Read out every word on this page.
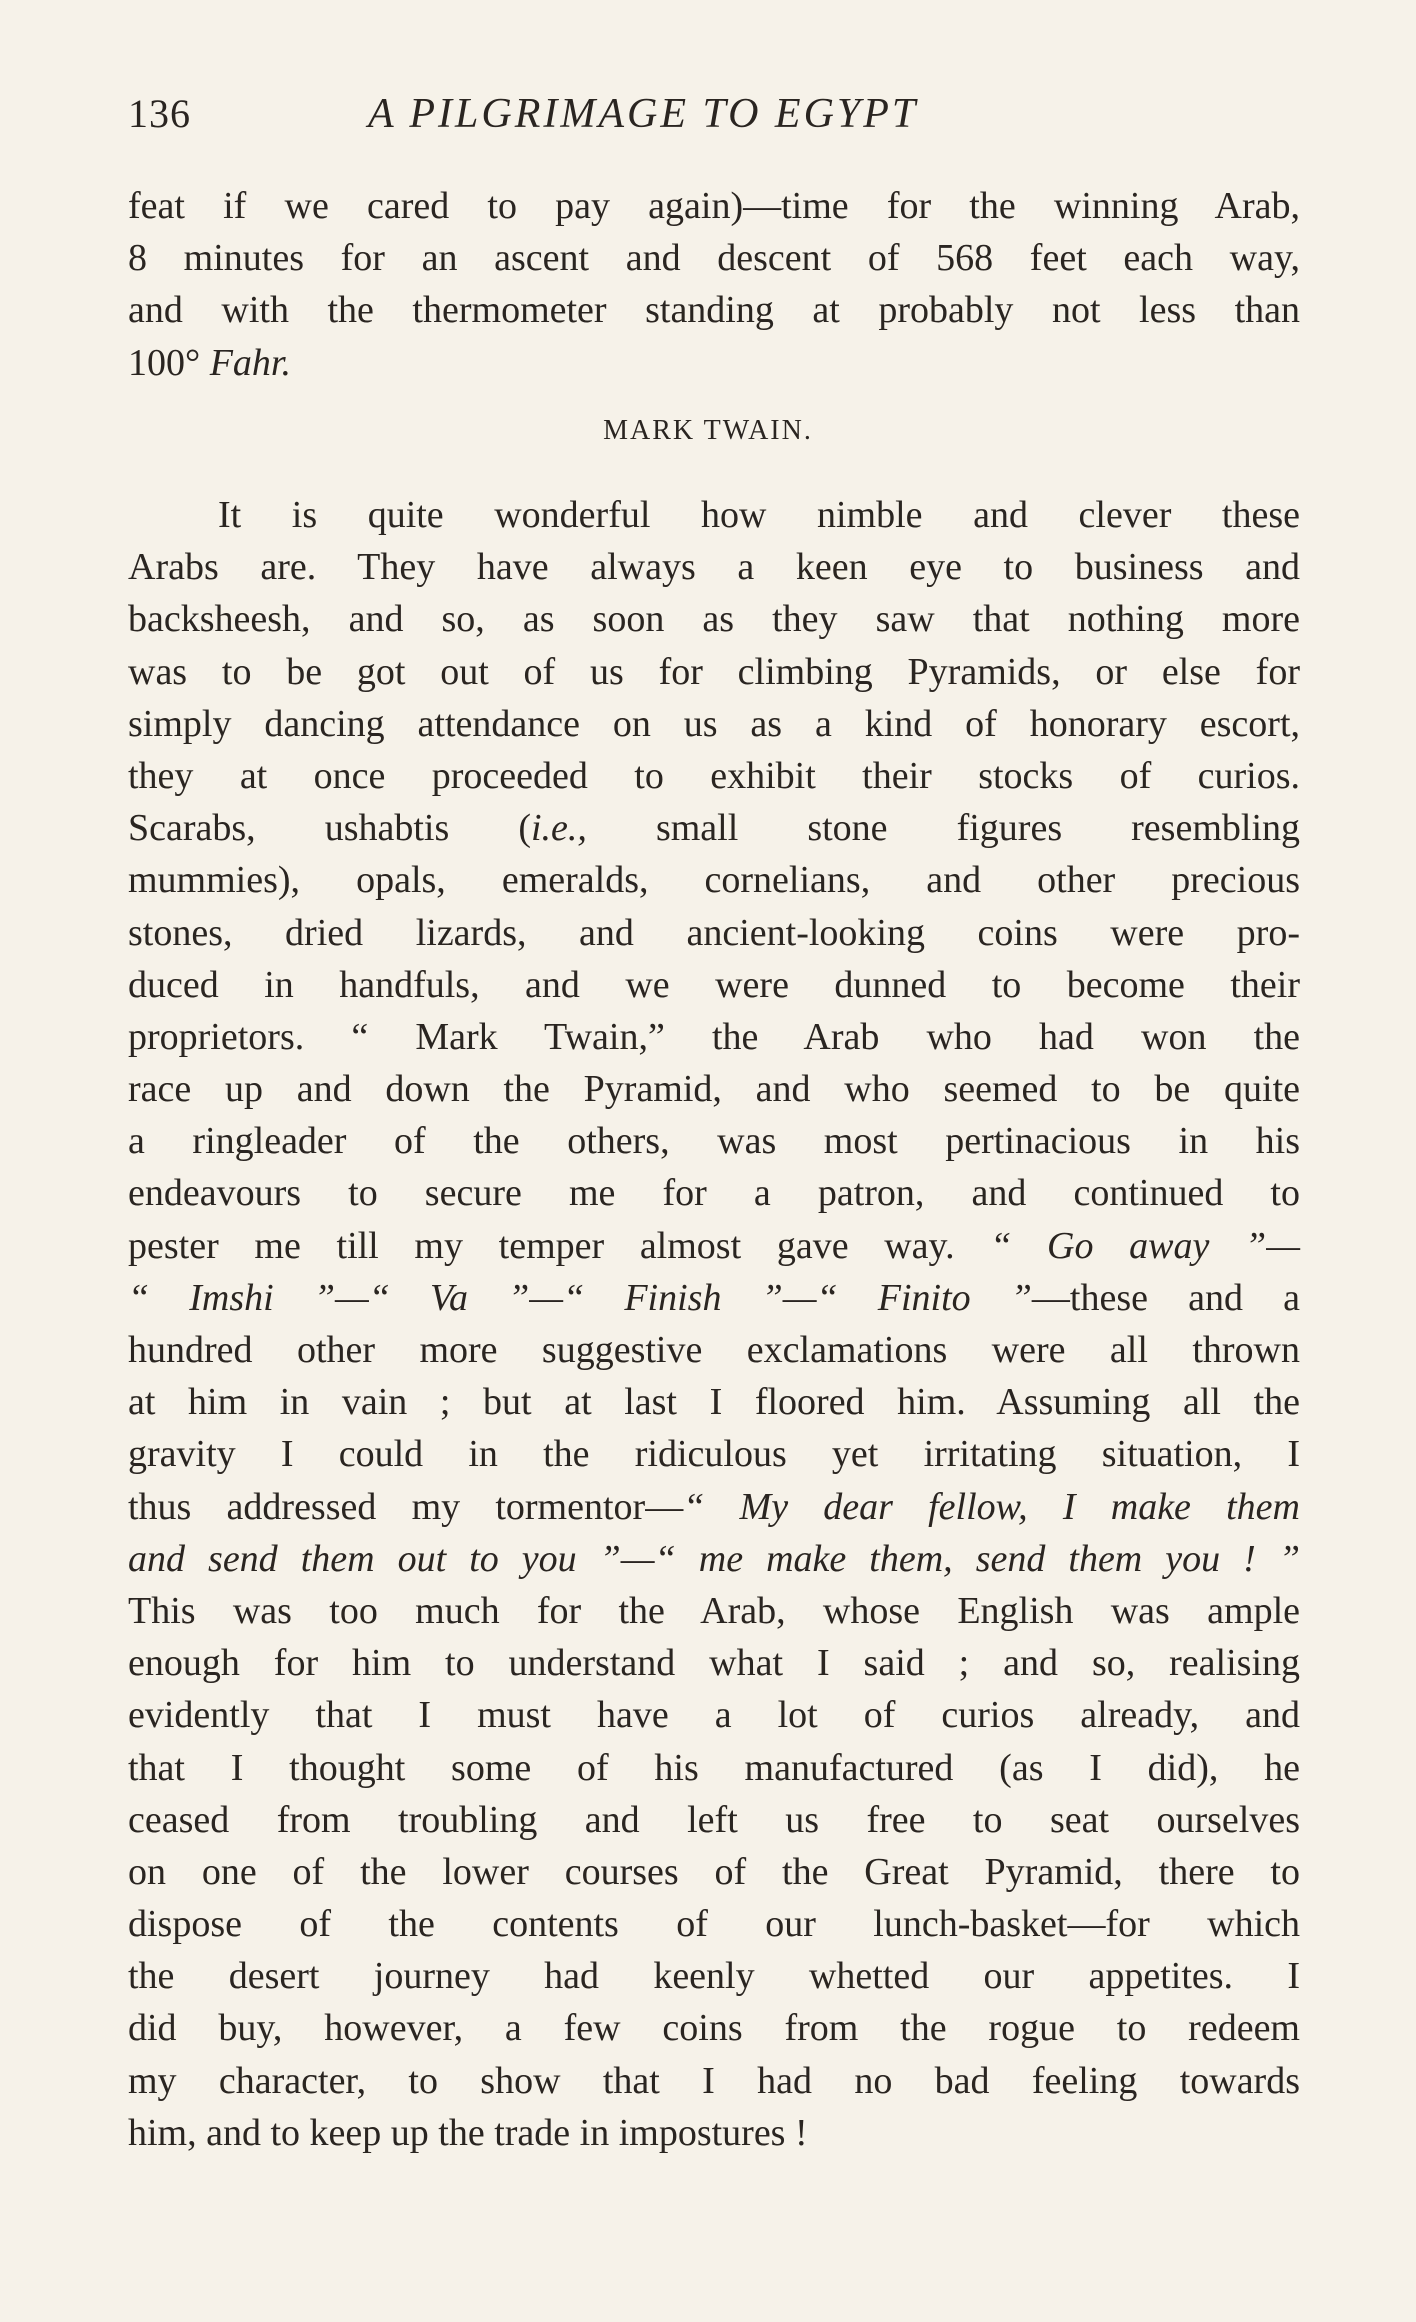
136	A PILGRIMAGE TO EGYPT
feat if we cared to pay again)—time for the winning Arab,
8 minutes for an ascent and descent of 568 feet each way,
and with the thermometer standing at probably not less than
100° Fahr.
MARK TWAIN.
It is quite wonderful how nimble and clever these
Arabs are. They have always a keen eye to business and
backsheesh, and so, as soon as they saw that nothing more
was to be got out of us for climbing Pyramids, or else for
simply dancing attendance on us as a kind of honorary escort,
they at once proceeded to exhibit their stocks of curios.
Scarabs, ushabtis (i.e., small stone figures resembling
mummies), opals, emeralds, cornelians, and other precious
stones, dried lizards, and ancient-looking coins were pro-
duced in handfuls, and we were dunned to become their
proprietors. “ Mark Twain,” the Arab who had won the
race up and down the Pyramid, and who seemed to be quite
a ringleader of the others, was most pertinacious in his
endeavours to secure me for a patron, and continued to
pester me till my temper almost gave way. “ Go away ”—
“ Imshi ”—“ Va ”—“ Finish ”—“ Finito ”—these and a
hundred other more suggestive exclamations were all thrown
at him in vain ; but at last I floored him. Assuming all the
gravity I could in the ridiculous yet irritating situation, I
thus addressed my tormentor—“ My dear fellow, I make them
and send them out to you ”—“ me make them, send them you ! ”
This was too much for the Arab, whose English was ample
enough for him to understand what I said ; and so, realising
evidently that I must have a lot of curios already, and
that I thought some of his manufactured (as I did), he
ceased from troubling and left us free to seat ourselves
on one of the lower courses of the Great Pyramid, there to
dispose of the contents of our lunch-basket—for which
the desert journey had keenly whetted our appetites. I
did buy, however, a few coins from the rogue to redeem
my character, to show that I had no bad feeling towards
him, and to keep up the trade in impostures !
